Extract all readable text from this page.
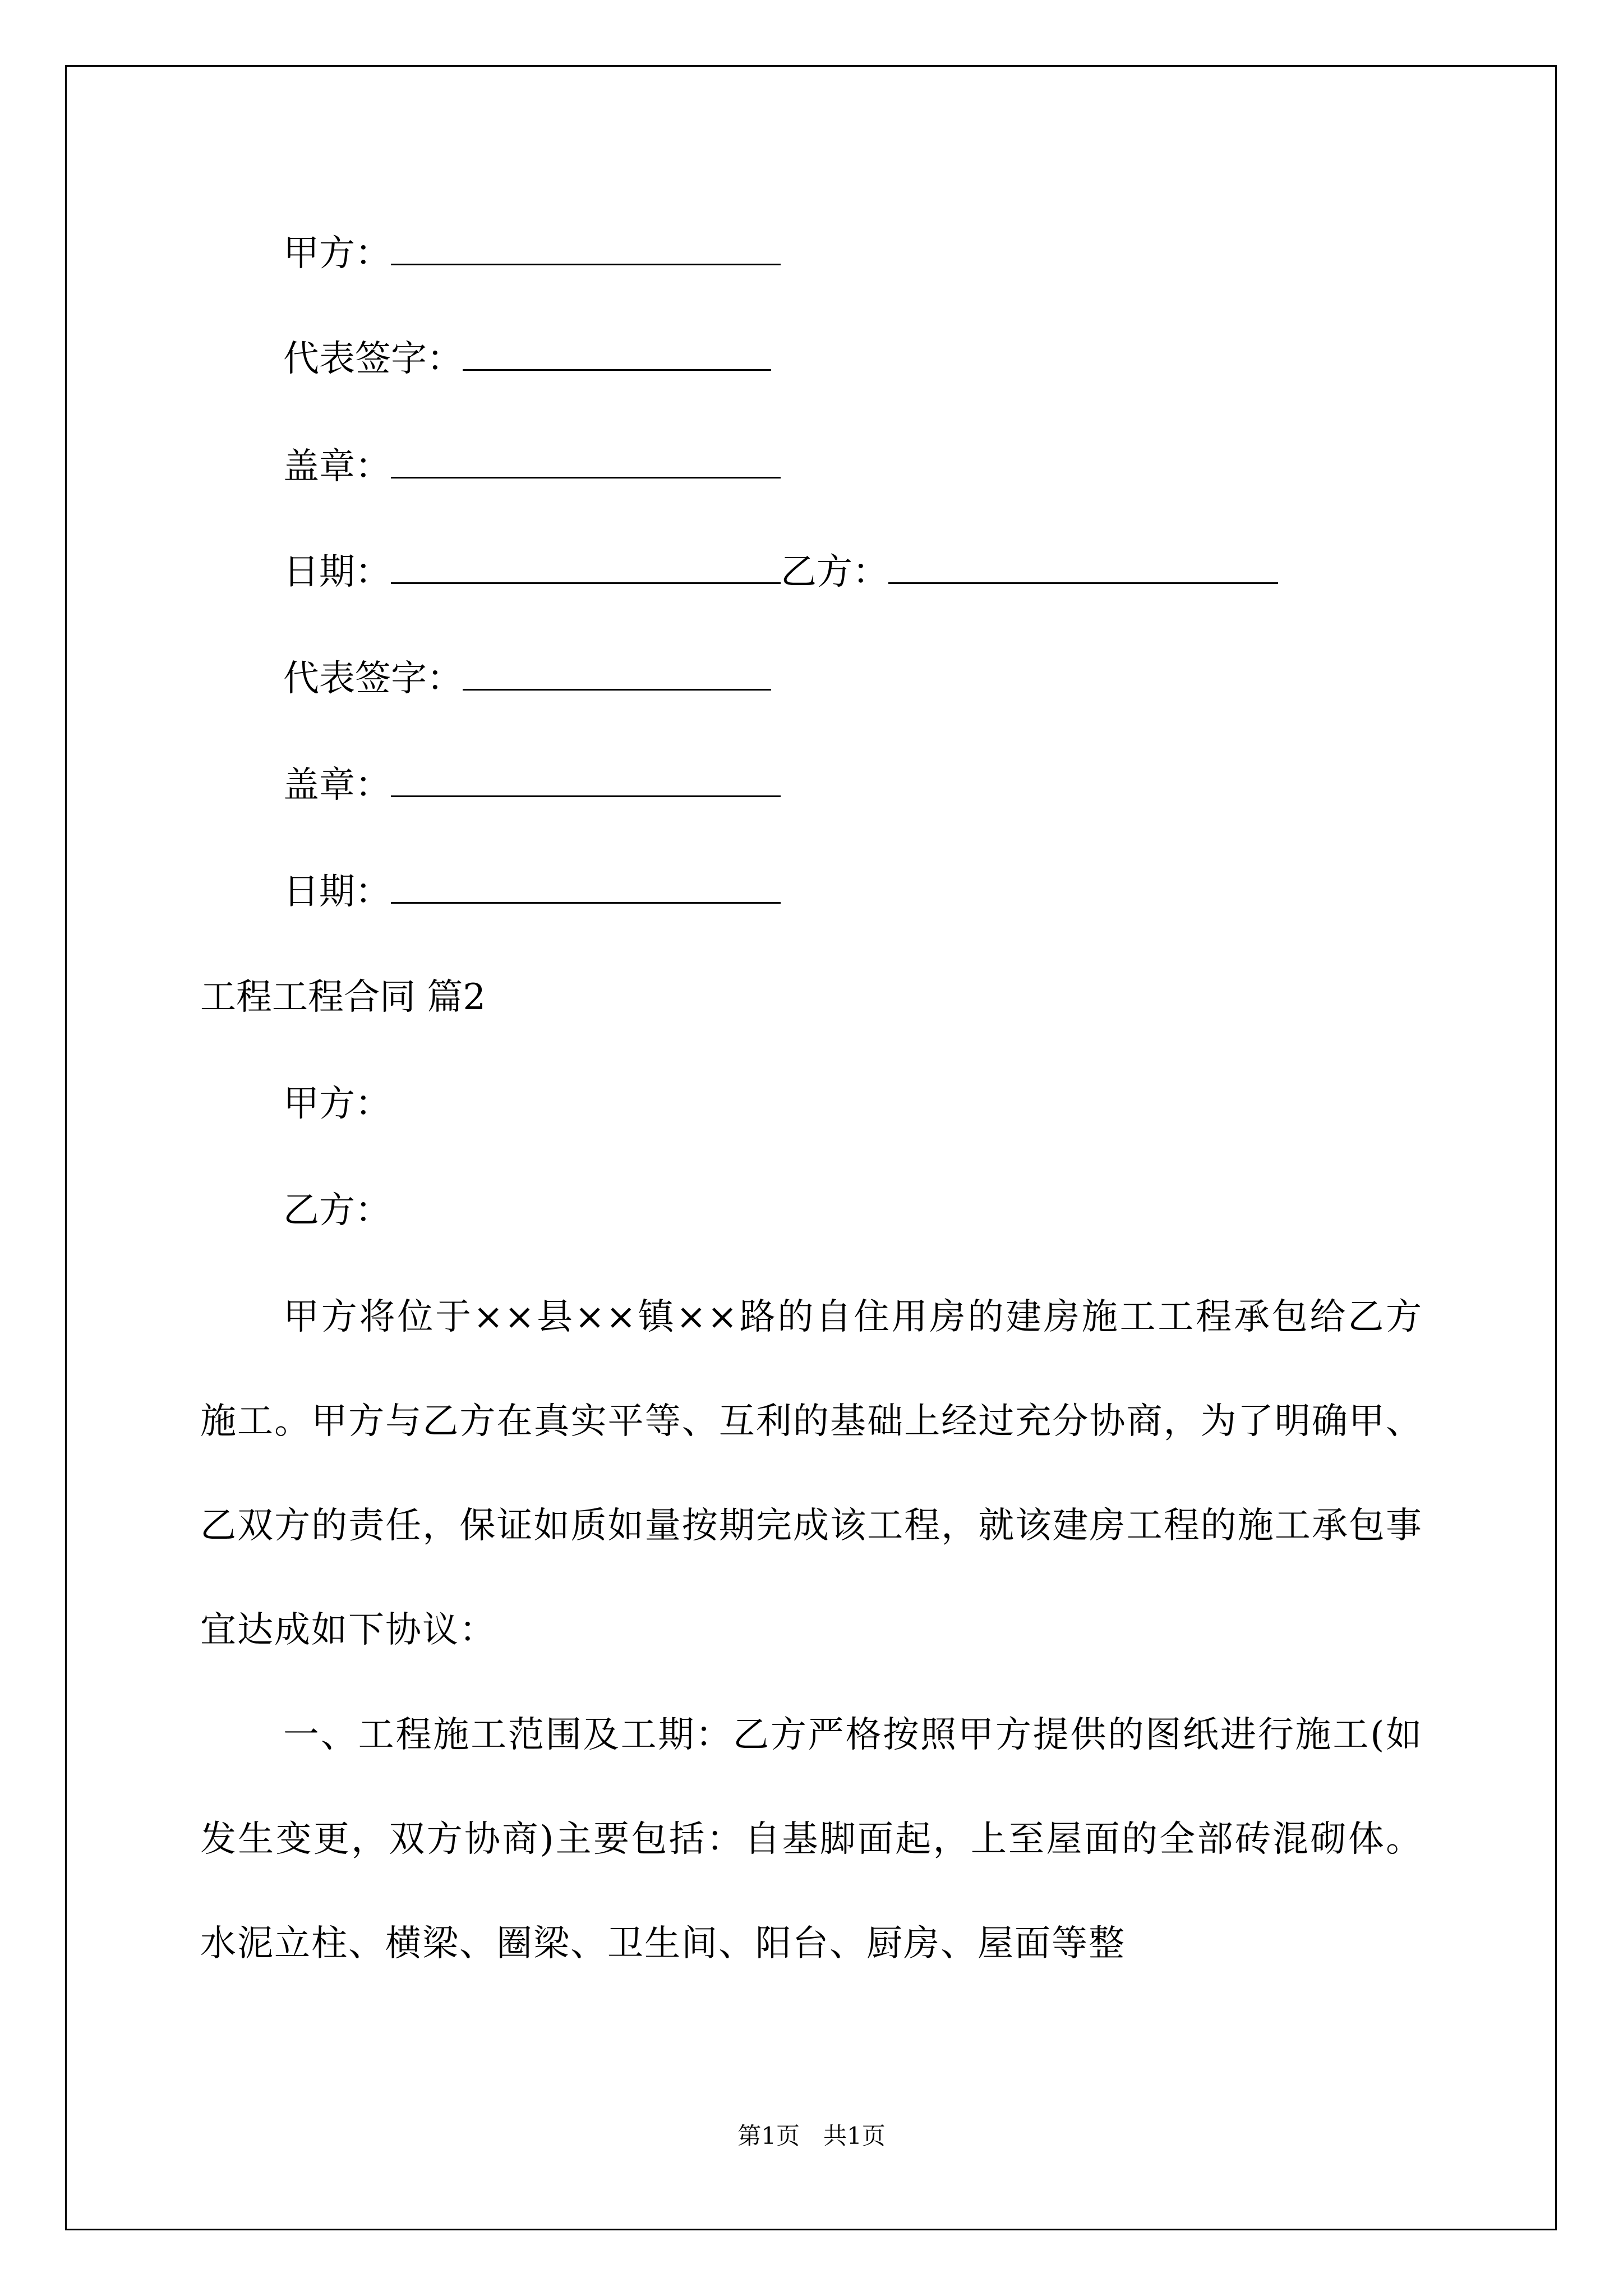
甲方：
代表签字：
盖章：
日期：	乙方：
代表签字：
盖章：
日期：
工程工程合同 篇2
甲方：
乙方：
甲方将位于××县××镇××路的自住用房的建房施工工程承包给乙方施工。甲方与乙方在真实平等、互利的基础上经过充分协商，为了明确甲、乙双方的责任，保证如质如量按期完成该工程，就该建房工程的施工承包事宜达成如下协议：
一、工程施工范围及工期：乙方严格按照甲方提供的图纸进行施工(如发生变更，双方协商)主要包括：自基脚面起，上至屋面的全部砖混砌体。水泥立柱、横梁、圈梁、卫生间、阳台、厨房、屋面等整
第1页　共1页
